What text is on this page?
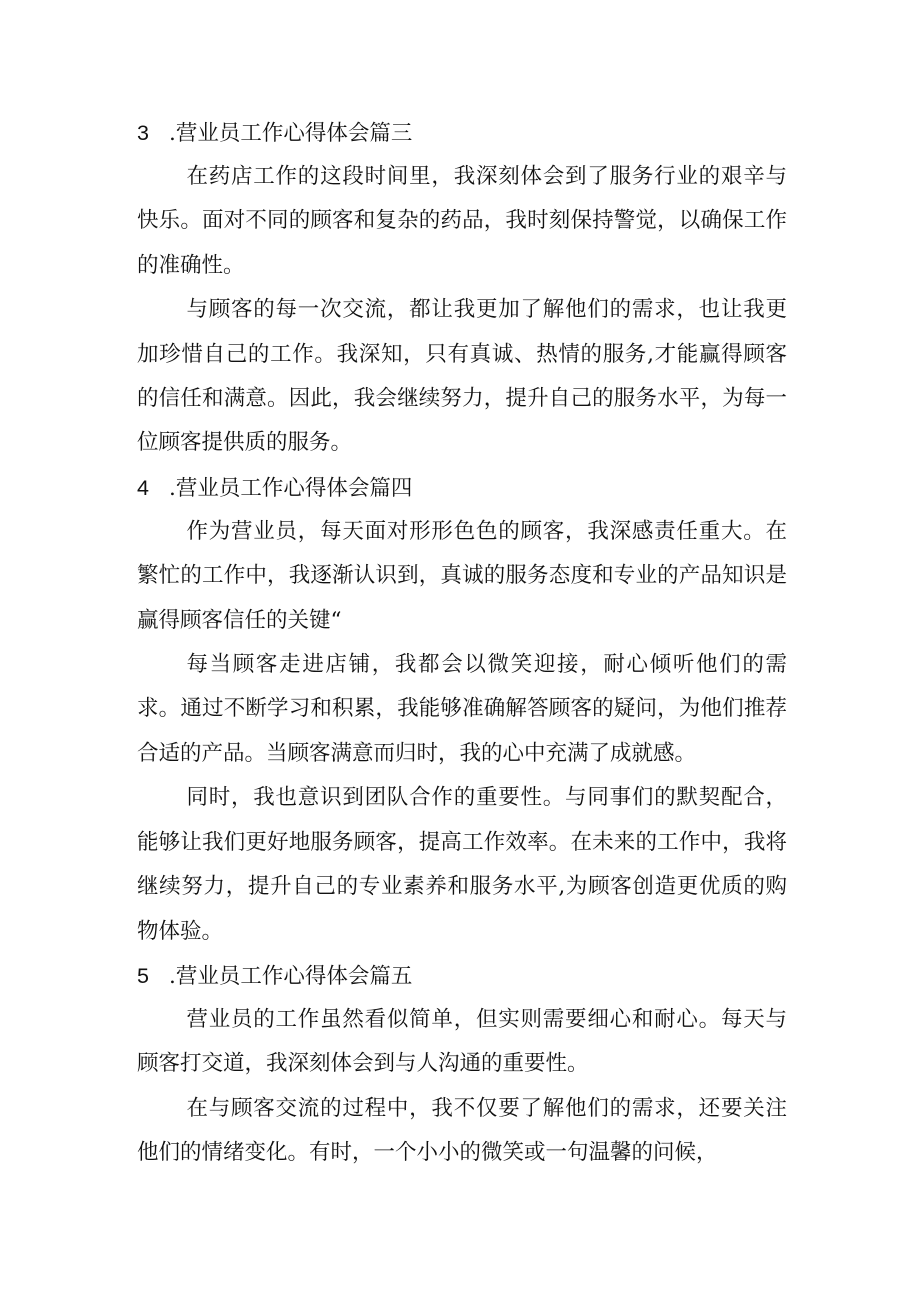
3 .营业员工作心得体会篇三

在药店工作的这段时间里，我深刻体会到了服务行业的艰辛与快乐。面对不同的顾客和复杂的药品，我时刻保持警觉，以确保工作的准确性。

与顾客的每一次交流，都让我更加了解他们的需求，也让我更加珍惜自己的工作。我深知，只有真诚、热情的服务,才能赢得顾客的信任和满意。因此，我会继续努力，提升自己的服务水平，为每一位顾客提供质的服务。

4 .营业员工作心得体会篇四

作为营业员，每天面对形形色色的顾客，我深感责任重大。在繁忙的工作中，我逐渐认识到，真诚的服务态度和专业的产品知识是赢得顾客信任的关键“

每当顾客走进店铺，我都会以微笑迎接，耐心倾听他们的需求。通过不断学习和积累，我能够准确解答顾客的疑问，为他们推荐合适的产品。当顾客满意而归时，我的心中充满了成就感。

同时，我也意识到团队合作的重要性。与同事们的默契配合，能够让我们更好地服务顾客，提高工作效率。在未来的工作中，我将继续努力，提升自己的专业素养和服务水平,为顾客创造更优质的购物体验。

5 .营业员工作心得体会篇五

营业员的工作虽然看似简单，但实则需要细心和耐心。每天与顾客打交道，我深刻体会到与人沟通的重要性。

在与顾客交流的过程中，我不仅要了解他们的需求，还要关注他们的情绪变化。有时，一个小小的微笑或一句温馨的问候，
